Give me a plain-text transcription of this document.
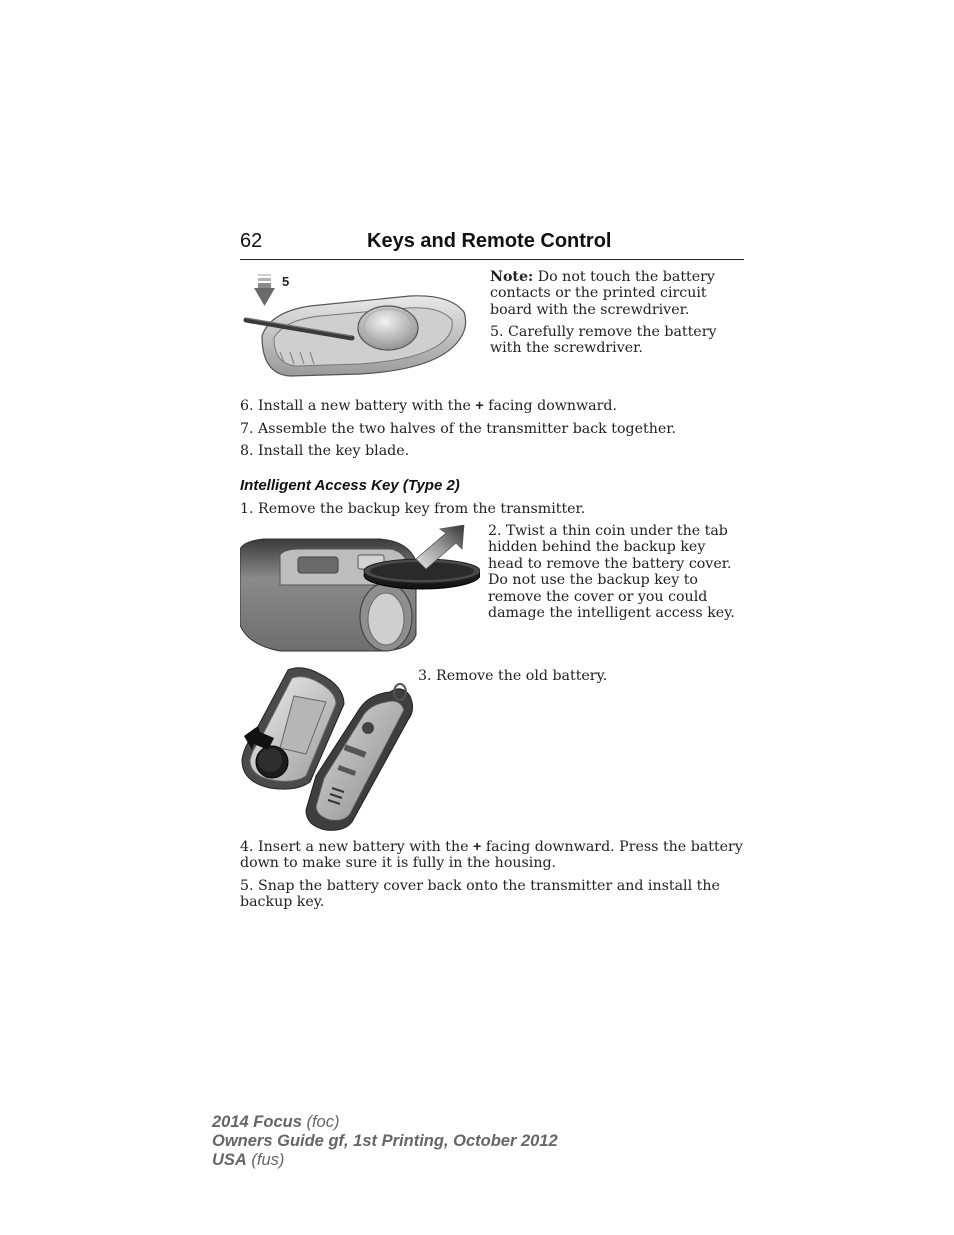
62	Keys and Remote Control
5	Note: Do not touch the battery contacts or the printed circuit board with the screwdriver.

5. Carefully remove the battery with the screwdriver.

6. Install a new battery with the + facing downward.

7. Assemble the two halves of the transmitter back together.

8. Install the key blade.

Intelligent Access Key (Type 2)

1. Remove the backup key from the transmitter.

2. Twist a thin coin under the tab hidden behind the backup key head to remove the battery cover. Do not use the backup key to remove the cover or you could damage the intelligent access key.

3. Remove the old battery.

4. Insert a new battery with the + facing downward. Press the battery down to make sure it is fully in the housing.

5. Snap the battery cover back onto the transmitter and install the backup key.

2014 Focus (foc)
Owners Guide gf, 1st Printing, October 2012
USA (fus)
